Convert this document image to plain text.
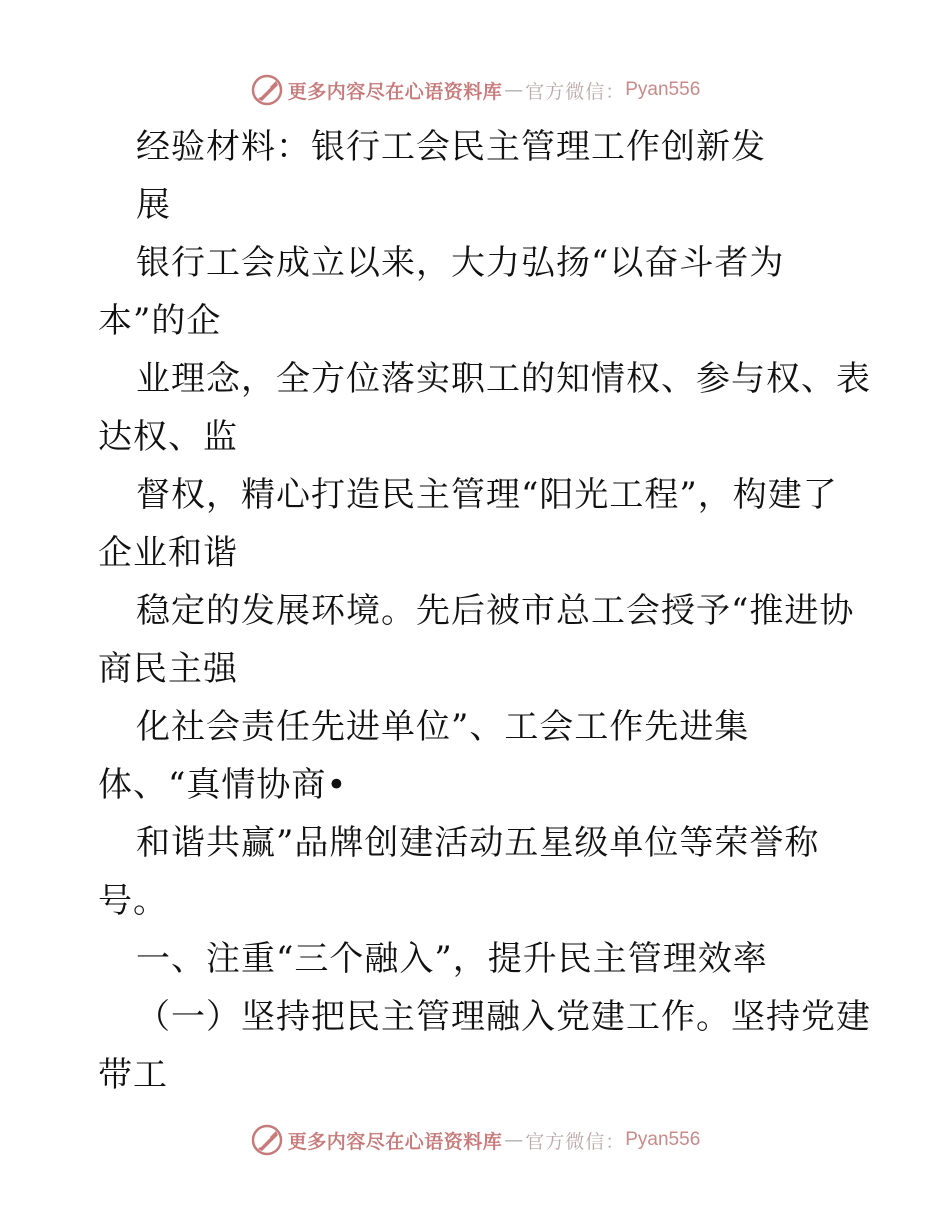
更多内容尽在心语资料库 — 官方微信： Pyan556
经验材料：银行工会民主管理工作创新发
展
银行工会成立以来，大力弘扬“以奋斗者为
本”的企
业理念，全方位落实职工的知情权、参与权、表
达权、监
督权，精心打造民主管理“阳光工程”，构建了
企业和谐
稳定的发展环境。先后被市总工会授予“推进协
商民主强
化社会责任先进单位”、工会工作先进集
体、“真情协商•
和谐共赢”品牌创建活动五星级单位等荣誉称
号。
一、注重“三个融入”，提升民主管理效率
（一）坚持把民主管理融入党建工作。坚持党建
带工
更多内容尽在心语资料库 — 官方微信： Pyan556
